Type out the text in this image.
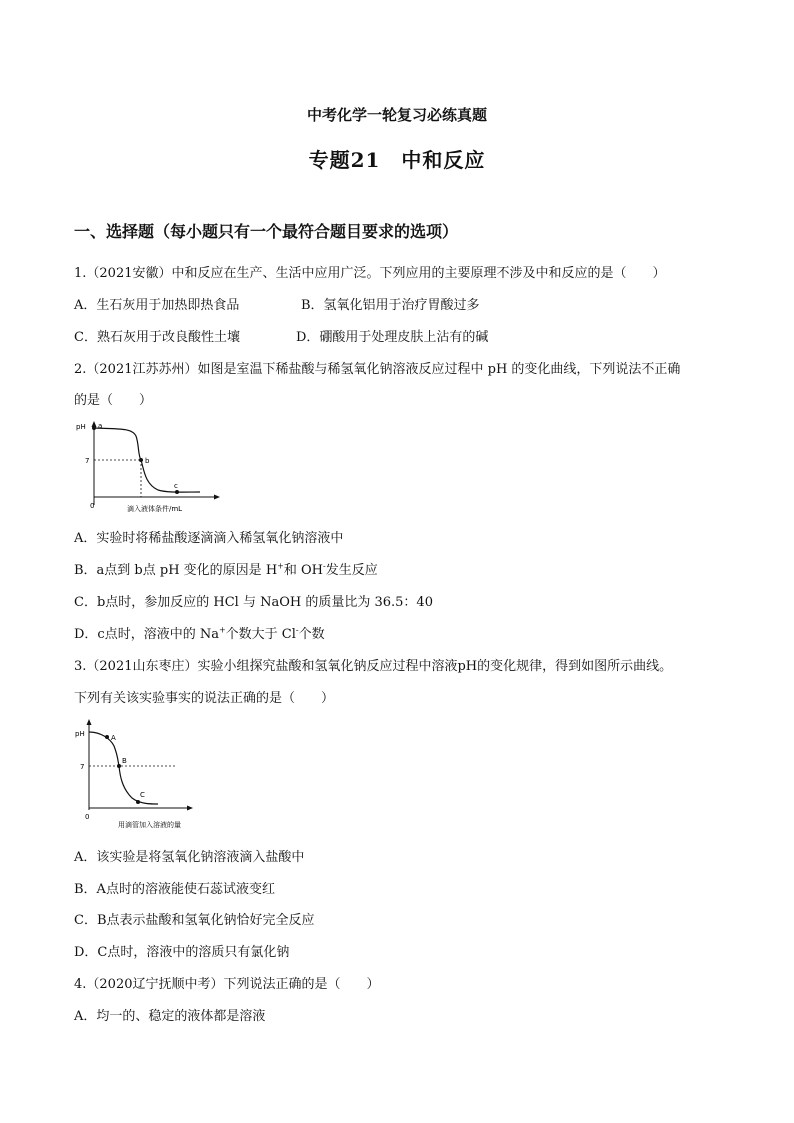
中考化学一轮复习必练真题
专题21　中和反应
一、选择题（每小题只有一个最符合题目要求的选项）
1.（2021安徽）中和反应在生产、生活中应用广泛。下列应用的主要原理不涉及中和反应的是（　　）
A．生石灰用于加热即热食品	B．氢氧化铝用于治疗胃酸过多
C．熟石灰用于改良酸性土壤	D．硼酸用于处理皮肤上沾有的碱
2.（2021江苏苏州）如图是室温下稀盐酸与稀氢氧化钠溶液反应过程中 pH 的变化曲线，下列说法不正确
的是（　　）
pH a
7	b
c
0	滴入液体条件/mL
A．实验时将稀盐酸逐滴滴入稀氢氧化钠溶液中
B．a点到 b点 pH 变化的原因是 H+和 OH-发生反应
C．b点时，参加反应的 HCl 与 NaOH 的质量比为 36.5：40
D．c点时，溶液中的 Na+个数大于 Cl-个数
3.（2021山东枣庄）实验小组探究盐酸和氢氧化钠反应过程中溶液pH的变化规律，得到如图所示曲线。
下列有关该实验事实的说法正确的是（　　）
pH	A
7
B
C
0
用滴管加入溶液的量
A．该实验是将氢氧化钠溶液滴入盐酸中
B．A点时的溶液能使石蕊试液变红
C．B点表示盐酸和氢氧化钠恰好完全反应
D．C点时，溶液中的溶质只有氯化钠
4.（2020辽宁抚顺中考）下列说法正确的是（　　）
A．均一的、稳定的液体都是溶液
